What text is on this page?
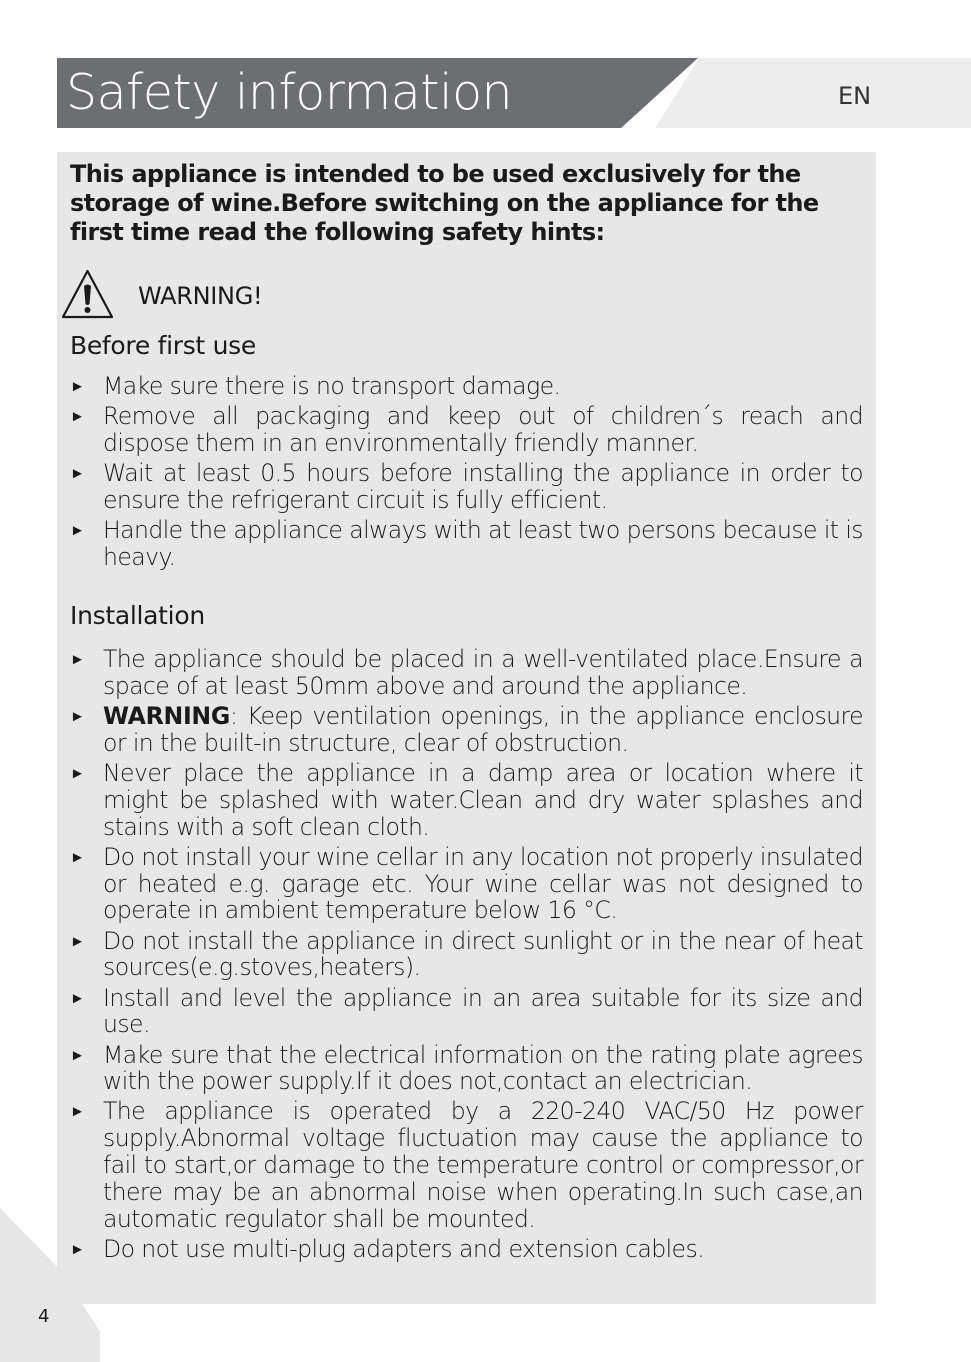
Safety information	EN
This appliance is intended to be used exclusively for the storage of wine.Before switching on the appliance for the first time read the following safety hints:
WARNING!
Before first use
► Make sure there is no transport damage.
► Remove all packaging and keep out of children´s reach and dispose them in an environmentally friendly manner.
► Wait at least 0.5 hours before installing the appliance in order to ensure the refrigerant circuit is fully efficient.
► Handle the appliance always with at least two persons because it is heavy.
Installation
► The appliance should be placed in a well-ventilated place.Ensure a space of at least 50mm above and around the appliance.
► WARNING: Keep ventilation openings, in the appliance enclosure or in the built-in structure, clear of obstruction.
► Never place the appliance in a damp area or location where it might be splashed with water.Clean and dry water splashes and stains with a soft clean cloth.
► Do not install your wine cellar in any location not properly insulated or heated e.g. garage etc. Your wine cellar was not designed to operate in ambient temperature below 16 °C.
► Do not install the appliance in direct sunlight or in the near of heat sources(e.g.stoves,heaters).
► Install and level the appliance in an area suitable for its size and use.
► Make sure that the electrical information on the rating plate agrees with the power supply.If it does not,contact an electrician.
► The appliance is operated by a 220-240 VAC/50 Hz power supply.Abnormal voltage fluctuation may cause the appliance to fail to start,or damage to the temperature control or compressor,or there may be an abnormal noise when operating.In such case,an automatic regulator shall be mounted.
► Do not use multi-plug adapters and extension cables.
4
